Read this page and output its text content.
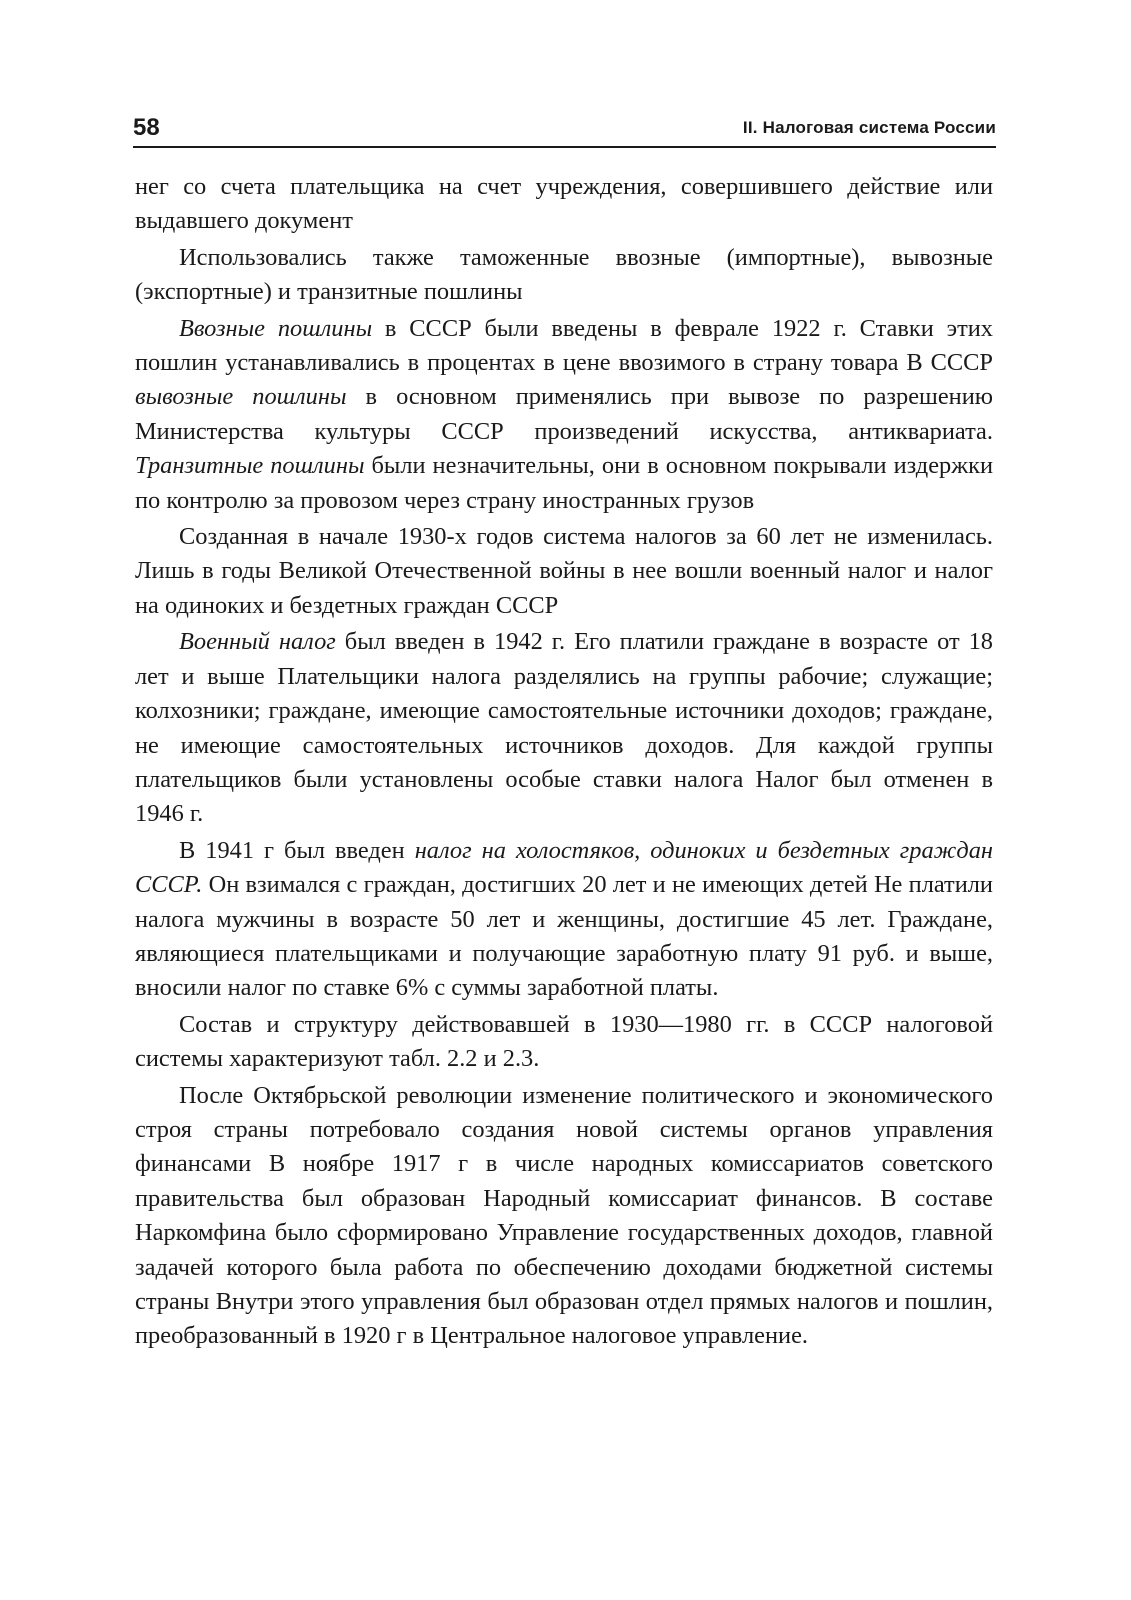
58	II. Налоговая система России

нег со счета плательщика на счет учреждения, совершившего действие или выдавшего документ

Использовались также таможенные ввозные (импортные), вывозные (экспортные) и транзитные пошлины

Ввозные пошлины в СССР были введены в феврале 1922 г. Ставки этих пошлин устанавливались в процентах в цене ввозимого в страну товара В СССР вывозные пошлины в основном применялись при вывозе по разрешению Министерства культуры СССР произведений искусства, антиквариата. Транзитные пошлины были незначительны, они в основном покрывали издержки по контролю за провозом через страну иностранных грузов

Созданная в начале 1930-х годов система налогов за 60 лет не изменилась. Лишь в годы Великой Отечественной войны в нее вошли военный налог и налог на одиноких и бездетных граждан СССР

Военный налог был введен в 1942 г. Его платили граждане в возрасте от 18 лет и выше Плательщики налога разделялись на группы рабочие; служащие; колхозники; граждане, имеющие самостоятельные источники доходов; граждане, не имеющие самостоятельных источников доходов. Для каждой группы плательщиков были установлены особые ставки налога Налог был отменен в 1946 г.

В 1941 г был введен налог на холостяков, одиноких и бездетных граждан СССР. Он взимался с граждан, достигших 20 лет и не имеющих детей Не платили налога мужчины в возрасте 50 лет и женщины, достигшие 45 лет. Граждане, являющиеся плательщиками и получающие заработную плату 91 руб. и выше, вносили налог по ставке 6% с суммы заработной платы.

Состав и структуру действовавшей в 1930—1980 гг. в СССР налоговой системы характеризуют табл. 2.2 и 2.3.

После Октябрьской революции изменение политического и экономического строя страны потребовало создания новой системы органов управления финансами В ноябре 1917 г в числе народных комиссариатов советского правительства был образован Народный комиссариат финансов. В составе Наркомфина было сформировано Управление государственных доходов, главной задачей которого была работа по обеспечению доходами бюджетной системы страны Внутри этого управления был образован отдел прямых налогов и пошлин, преобразованный в 1920 г в Центральное налоговое управление.
